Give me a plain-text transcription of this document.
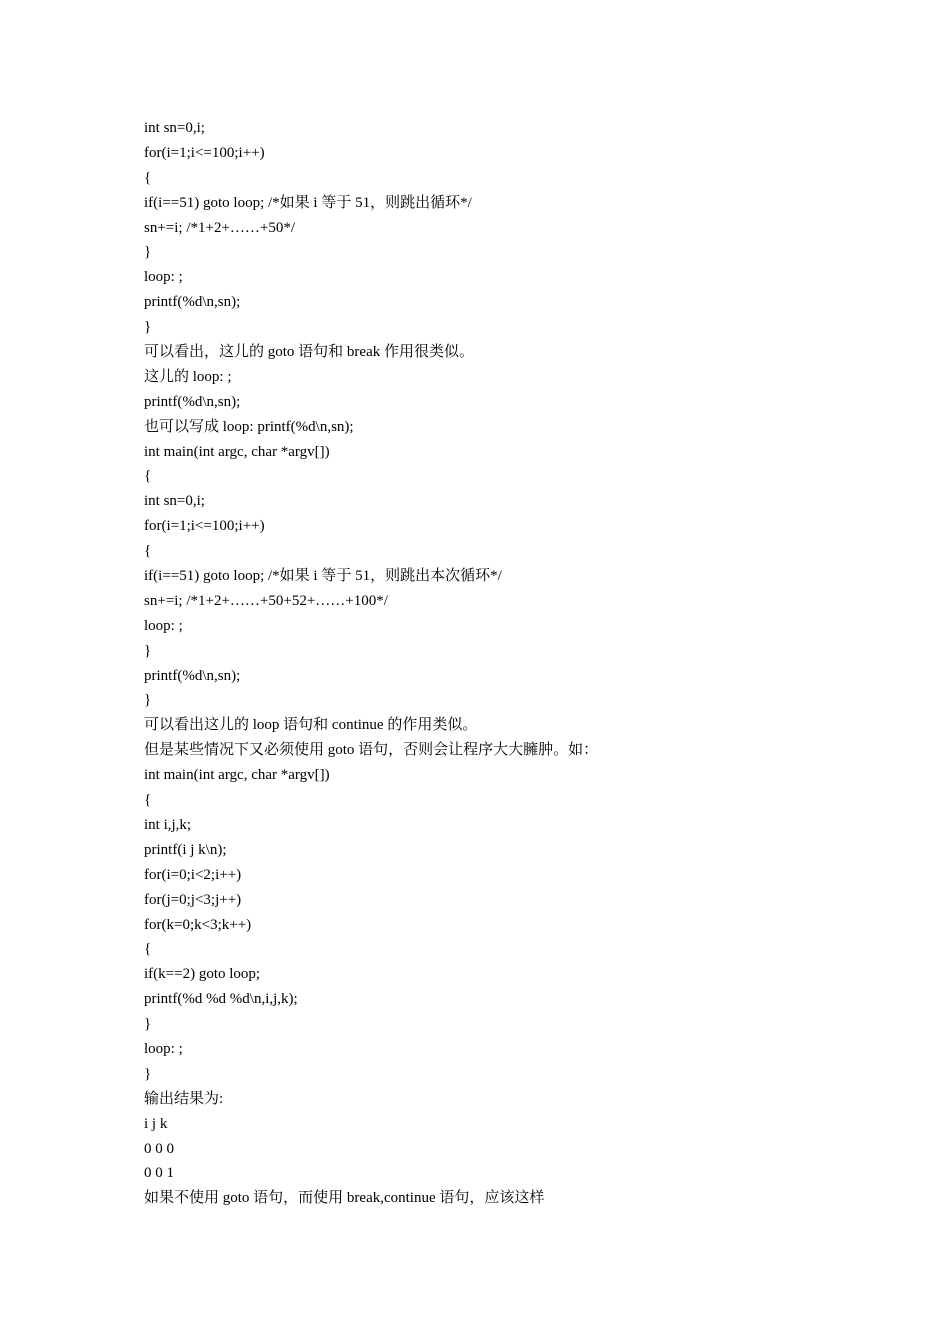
int sn=0,i;
for(i=1;i<=100;i++)
{
if(i==51) goto loop; /*如果 i 等于 51，则跳出循环*/
sn+=i; /*1+2+……+50*/
}
loop: ;
printf(%d\n,sn);
}
可以看出，这儿的 goto 语句和 break 作用很类似。
这儿的 loop: ;
printf(%d\n,sn);
也可以写成 loop: printf(%d\n,sn);
int main(int argc, char *argv[])
{
int sn=0,i;
for(i=1;i<=100;i++)
{
if(i==51) goto loop; /*如果 i 等于 51，则跳出本次循环*/
sn+=i; /*1+2+……+50+52+……+100*/
loop: ;
}
printf(%d\n,sn);
}
可以看出这儿的 loop 语句和 continue 的作用类似。
但是某些情况下又必须使用 goto 语句，否则会让程序大大臃肿。如：
int main(int argc, char *argv[])
{
int i,j,k;
printf(i j k\n);
for(i=0;i<2;i++)
for(j=0;j<3;j++)
for(k=0;k<3;k++)
{
if(k==2) goto loop;
printf(%d %d %d\n,i,j,k);
}
loop: ;
}
输出结果为:
i j k
0 0 0
0 0 1
如果不使用 goto 语句，而使用 break,continue 语句，应该这样
